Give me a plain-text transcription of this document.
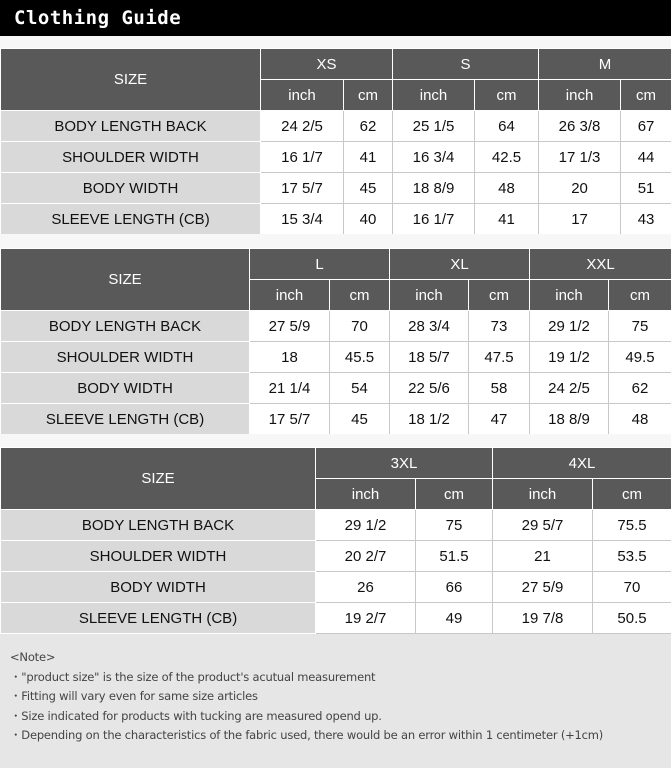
Clothing Guide
SIZE	XS		S		M	
	inch	cm	inch	cm	inch	cm
BODY LENGTH BACK	24 2/5	62	25 1/5	64	26 3/8	67
SHOULDER WIDTH	16 1/7	41	16 3/4	42.5	17 1/3	44
BODY WIDTH	17 5/7	45	18 8/9	48	20	51
SLEEVE LENGTH (CB)	15 3/4	40	16 1/7	41	17	43
SIZE	L		XL		XXL	
	inch	cm	inch	cm	inch	cm
BODY LENGTH BACK	27 5/9	70	28 3/4	73	29 1/2	75
SHOULDER WIDTH	18	45.5	18 5/7	47.5	19 1/2	49.5
BODY WIDTH	21 1/4	54	22 5/6	58	24 2/5	62
SLEEVE LENGTH (CB)	17 5/7	45	18 1/2	47	18 8/9	48
SIZE	3XL		4XL	
	inch	cm	inch	cm
BODY LENGTH BACK	29 1/2	75	29 5/7	75.5
SHOULDER WIDTH	20 2/7	51.5	21	53.5
BODY WIDTH	26	66	27 5/9	70
SLEEVE LENGTH (CB)	19 2/7	49	19 7/8	50.5
<Note>
・"product size" is the size of the product's acutual measurement
・Fitting will vary even for same size articles
・Size indicated for products with tucking are measured opend up.
・Depending on the characteristics of the fabric used, there would be an error within 1 centimeter (+1cm)
